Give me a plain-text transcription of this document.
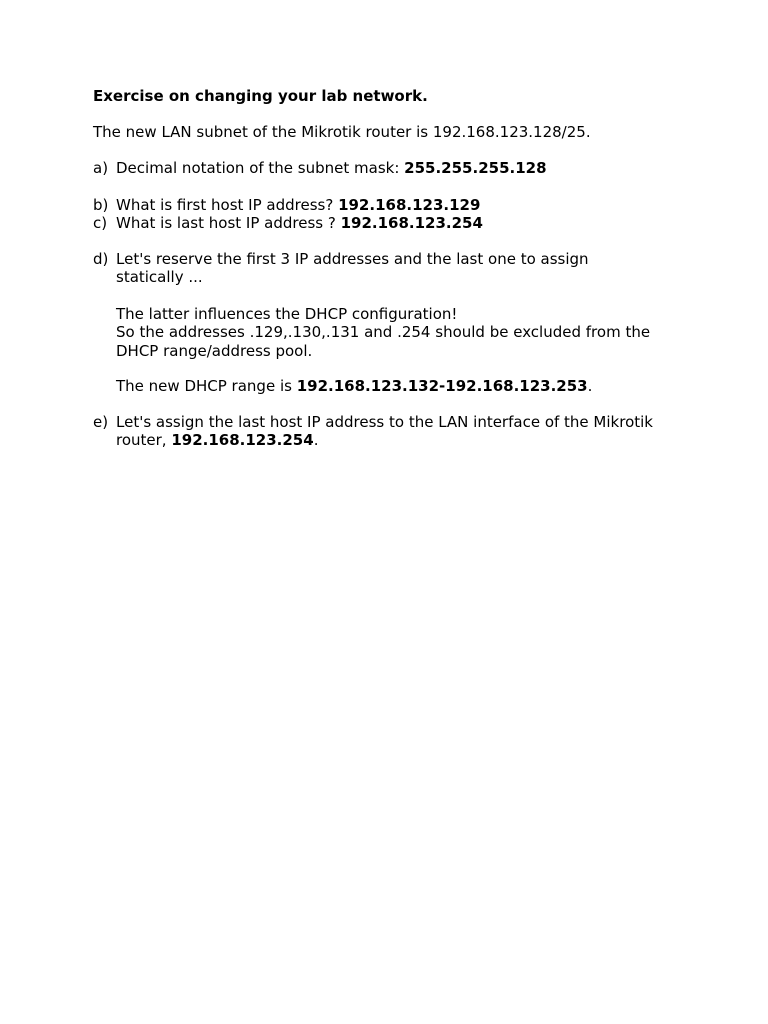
Exercise on changing your lab network.

The new LAN subnet of the Mikrotik router is 192.168.123.128/25.

a) Decimal notation of the subnet mask: 255.255.255.128
b) What is first host IP address? 192.168.123.129
c) What is last host IP address ? 192.168.123.254
d) Let's reserve the first 3 IP addresses and the last one to assign
statically ...
The latter influences the DHCP configuration!
So the addresses .129,.130,.131 and .254 should be excluded from the
DHCP range/address pool.
The new DHCP range is 192.168.123.132-192.168.123.253.
e) Let's assign the last host IP address to the LAN interface of the Mikrotik
router, 192.168.123.254.
